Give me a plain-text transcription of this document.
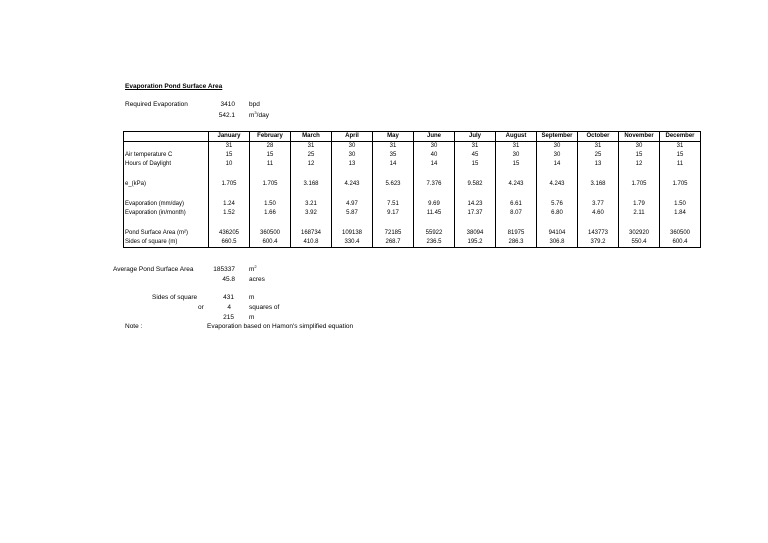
Evaporation Pond Surface Area
Required Evaporation	3410 bpd
542.1 $m^3$/day
	January	February	March	April	May	June	July	August	September	October	November	December
	31	28	31	30	31	30	31	31	30	31	30	31
Air temperature C	15	15	25	30	35	40	45	30	30	25	15	15
Hours of Daylight	10	11	12	13	14	14	15	15	14	13	12	11

e_(kPa)	1.705	1.705	3.168	4.243	5.623	7.376	9.582	4.243	4.243	3.168	1.705	1.705

Evaporation (mm/day)	1.24	1.50	3.21	4.97	7.51	9.69	14.23	6.61	5.76	3.77	1.79	1.50
Evaporation (in/month)	1.52	1.66	3.92	5.87	9.17	11.45	17.37	8.07	6.80	4.60	2.11	1.84

Pond Surface Area (m²)	436205	360500	168734	109138	72185	55922	38094	81975	94104	143773	302920	360500
Sides of square (m)	660.5	600.4	410.8	330.4	268.7	236.5	195.2	286.3	306.8	379.2	550.4	600.4
Average Pond Surface Area	185337 $m^2$
45.8 acres
Sides of square	431 m
or	4	squares of
215 m
Note :	Evaporation based on Hamon's simplified equation
